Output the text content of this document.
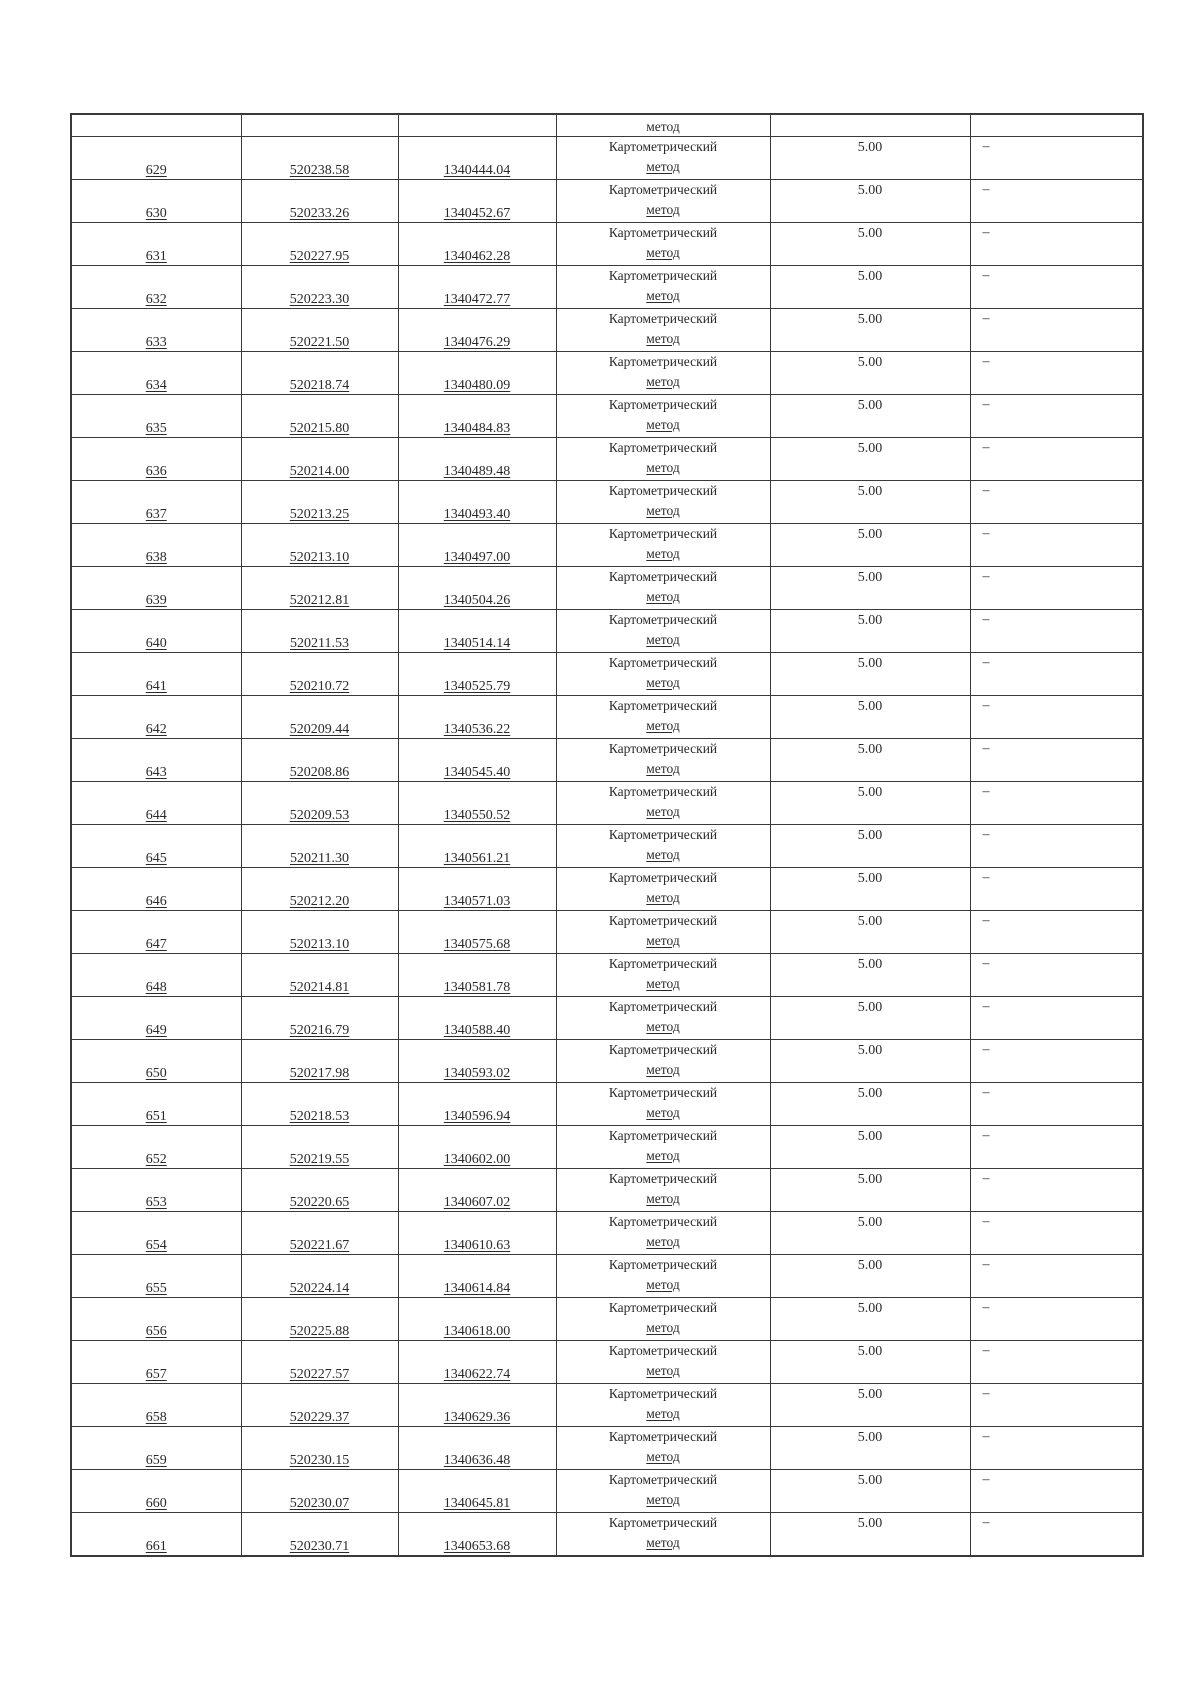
			метод		

629	520238.58	1340444.04	Картометрический
метод	5.00	–

630	520233.26	1340452.67	Картометрический
метод	5.00	–

631	520227.95	1340462.28	Картометрический
метод	5.00	–

632	520223.30	1340472.77	Картометрический
метод	5.00	–

633	520221.50	1340476.29	Картометрический
метод	5.00	–

634	520218.74	1340480.09	Картометрический
метод	5.00	–

635	520215.80	1340484.83	Картометрический
метод	5.00	–

636	520214.00	1340489.48	Картометрический
метод	5.00	–

637	520213.25	1340493.40	Картометрический
метод	5.00	–

638	520213.10	1340497.00	Картометрический
метод	5.00	–

639	520212.81	1340504.26	Картометрический
метод	5.00	–

640	520211.53	1340514.14	Картометрический
метод	5.00	–

641	520210.72	1340525.79	Картометрический
метод	5.00	–

642	520209.44	1340536.22	Картометрический
метод	5.00	–

643	520208.86	1340545.40	Картометрический
метод	5.00	–

644	520209.53	1340550.52	Картометрический
метод	5.00	–

645	520211.30	1340561.21	Картометрический
метод	5.00	–

646	520212.20	1340571.03	Картометрический
метод	5.00	–

647	520213.10	1340575.68	Картометрический
метод	5.00	–

648	520214.81	1340581.78	Картометрический
метод	5.00	–

649	520216.79	1340588.40	Картометрический
метод	5.00	–

650	520217.98	1340593.02	Картометрический
метод	5.00	–

651	520218.53	1340596.94	Картометрический
метод	5.00	–

652	520219.55	1340602.00	Картометрический
метод	5.00	–

653	520220.65	1340607.02	Картометрический
метод	5.00	–

654	520221.67	1340610.63	Картометрический
метод	5.00	–

655	520224.14	1340614.84	Картометрический
метод	5.00	–

656	520225.88	1340618.00	Картометрический
метод	5.00	–

657	520227.57	1340622.74	Картометрический
метод	5.00	–

658	520229.37	1340629.36	Картометрический
метод	5.00	–

659	520230.15	1340636.48	Картометрический
метод	5.00	–

660	520230.07	1340645.81	Картометрический
метод	5.00	–

661	520230.71	1340653.68	Картометрический
метод	5.00	–
